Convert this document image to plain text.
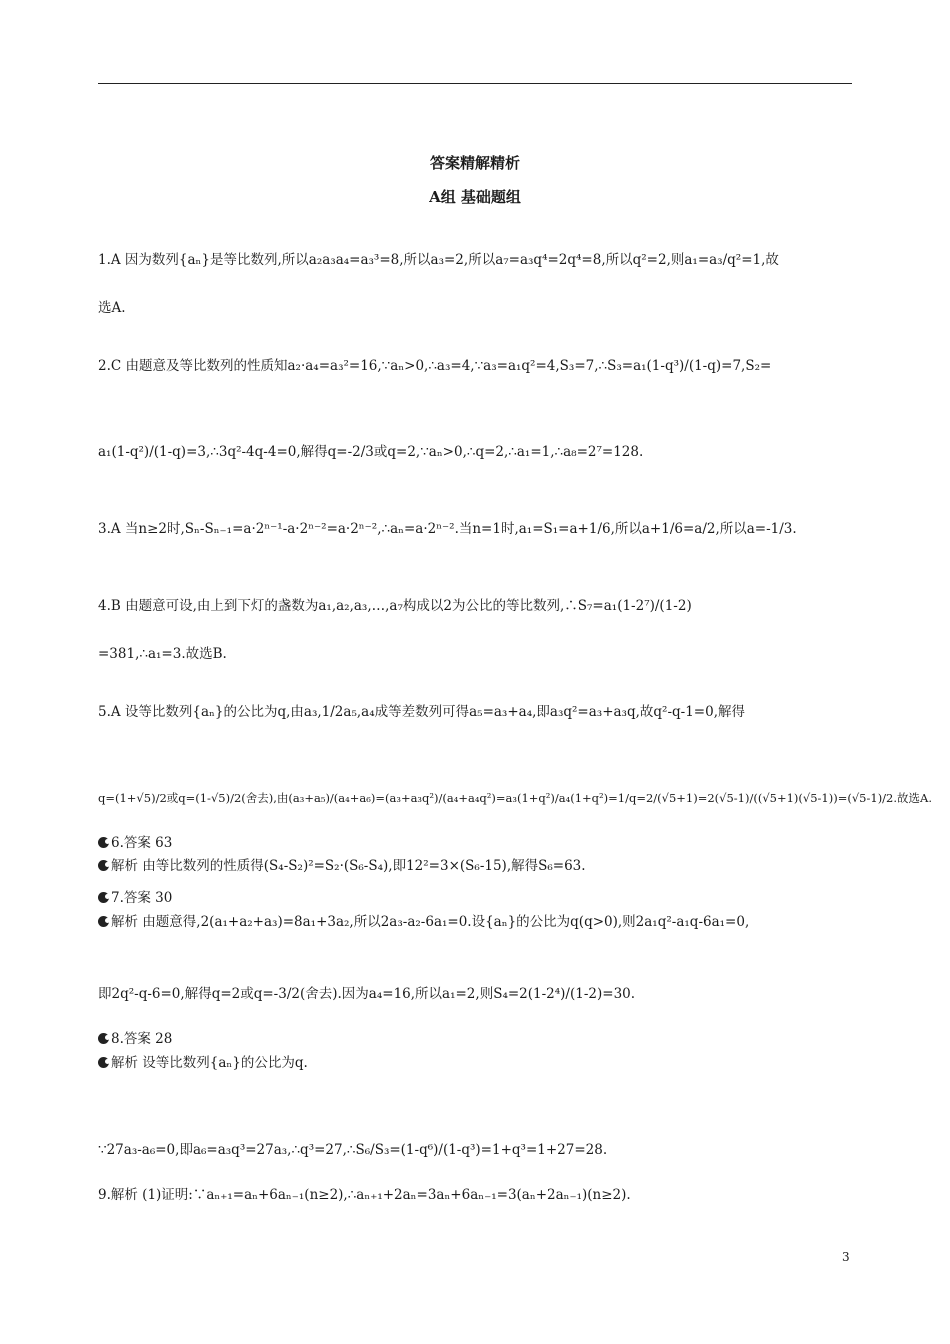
答案精解精析
A组 基础题组
1.A 因为数列{aₙ}是等比数列,所以a₂a₃a₄=a₃³=8,所以a₃=2,所以a₇=a₃q⁴=2q⁴=8,所以q²=2,则a₁=a₃/q²=1,故
选A.
2.C 由题意及等比数列的性质知a₂·a₄=a₃²=16,∵aₙ>0,∴a₃=4,∵a₃=a₁q²=4,S₃=7,∴S₃=a₁(1-q³)/(1-q)=7,S₂=
a₁(1-q²)/(1-q)=3,∴3q²-4q-4=0,解得q=-2/3或q=2,∵aₙ>0,∴q=2,∴a₁=1,∴a₈=2⁷=128.
3.A 当n≥2时,Sₙ-Sₙ₋₁=a·2ⁿ⁻¹-a·2ⁿ⁻²=a·2ⁿ⁻²,∴aₙ=a·2ⁿ⁻².当n=1时,a₁=S₁=a+1/6,所以a+1/6=a/2,所以a=-1/3.
4.B 由题意可设,由上到下灯的盏数为a₁,a₂,a₃,…,a₇构成以2为公比的等比数列,∴S₇=a₁(1-2⁷)/(1-2)
=381,∴a₁=3.故选B.
5.A 设等比数列{aₙ}的公比为q,由a₃,1/2a₅,a₄成等差数列可得a₅=a₃+a₄,即a₃q²=a₃+a₃q,故q²-q-1=0,解得
q=(1+√5)/2或q=(1-√5)/2(舍去),由(a₃+a₅)/(a₄+a₆)=(a₃+a₃q²)/(a₄+a₄q²)=a₃(1+q²)/a₄(1+q²)=1/q=2/(√5+1)=2(√5-1)/((√5+1)(√5-1))=(√5-1)/2.故选A.
6.答案 63
解析 由等比数列的性质得(S₄-S₂)²=S₂·(S₆-S₄),即12²=3×(S₆-15),解得S₆=63.
7.答案 30
解析 由题意得,2(a₁+a₂+a₃)=8a₁+3a₂,所以2a₃-a₂-6a₁=0.设{aₙ}的公比为q(q>0),则2a₁q²-a₁q-6a₁=0,
即2q²-q-6=0,解得q=2或q=-3/2(舍去).因为a₄=16,所以a₁=2,则S₄=2(1-2⁴)/(1-2)=30.
8.答案 28
解析 设等比数列{aₙ}的公比为q.
∵27a₃-a₆=0,即a₆=a₃q³=27a₃,∴q³=27,∴S₆/S₃=(1-q⁶)/(1-q³)=1+q³=1+27=28.
9.解析 (1)证明:∵aₙ₊₁=aₙ+6aₙ₋₁(n≥2),∴aₙ₊₁+2aₙ=3aₙ+6aₙ₋₁=3(aₙ+2aₙ₋₁)(n≥2).
3
